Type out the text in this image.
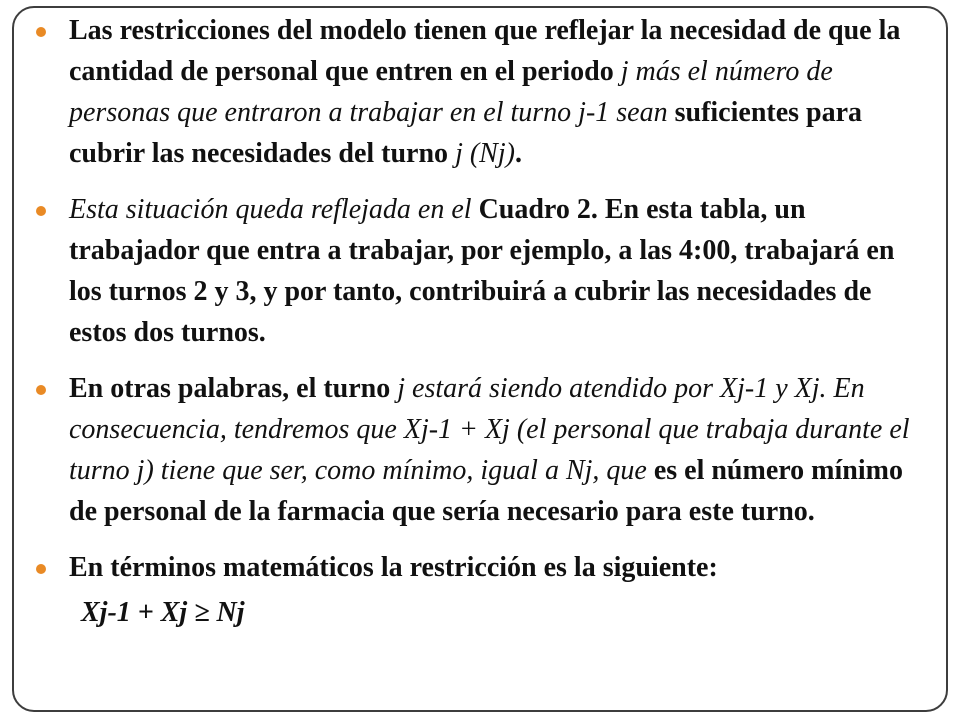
Las restricciones del modelo tienen que reflejar la necesidad de que la cantidad de personal que entren en el periodo j más el número de personas que entraron a trabajar en el turno j-1 sean suficientes para cubrir las necesidades del turno j (Nj).

Esta situación queda reflejada en el Cuadro 2. En esta tabla, un trabajador que entra a trabajar, por ejemplo, a las 4:00, trabajará en los turnos 2 y 3, y por tanto, contribuirá a cubrir las necesidades de estos dos turnos.

En otras palabras, el turno j estará siendo atendido por Xj-1 y Xj. En consecuencia, tendremos que Xj-1 + Xj (el personal que trabaja durante el turno j) tiene que ser, como mínimo, igual a Nj, que es el número mínimo de personal de la farmacia que sería necesario para este turno.

En términos matemáticos la restricción es la siguiente:

Xj-1 + Xj ≥ Nj
